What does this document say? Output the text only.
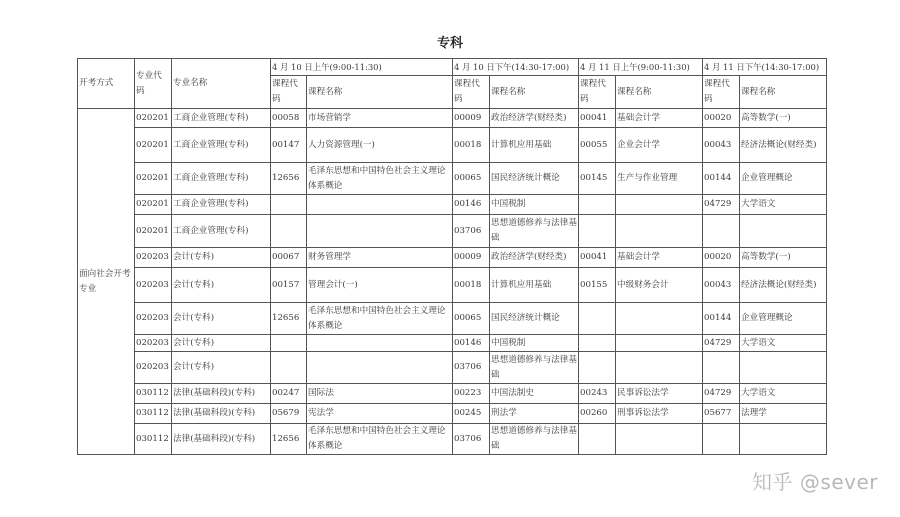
专科
开考方式	专业代码	专业名称	4 月 10 日上午(9:00-11:30)		4 月 10 日下午(14:30-17:00)		4 月 11 日上午(9:00-11:30)		4 月 11 日下午(14:30-17:00)	
			课程代码	课程名称	课程代码	课程名称	课程代码	课程名称	课程代码	课程名称
面向社会开考专业	020201	工商企业管理(专科)	00058	市场营销学	00009	政治经济学(财经类)	00041	基础会计学	00020	高等数学(一)
	020201	工商企业管理(专科)	00147	人力资源管理(一)	00018	计算机应用基础	00055	企业会计学	00043	经济法概论(财经类)
	020201	工商企业管理(专科)	12656	毛泽东思想和中国特色社会主义理论体系概论	00065	国民经济统计概论	00145	生产与作业管理	00144	企业管理概论
	020201	工商企业管理(专科)			00146	中国税制			04729	大学语文
	020201	工商企业管理(专科)			03706	思想道德修养与法律基础				
	020203	会计(专科)	00067	财务管理学	00009	政治经济学(财经类)	00041	基础会计学	00020	高等数学(一)
	020203	会计(专科)	00157	管理会计(一)	00018	计算机应用基础	00155	中级财务会计	00043	经济法概论(财经类)
	020203	会计(专科)	12656	毛泽东思想和中国特色社会主义理论体系概论	00065	国民经济统计概论			00144	企业管理概论
	020203	会计(专科)			00146	中国税制			04729	大学语文
	020203	会计(专科)			03706	思想道德修养与法律基础				
	030112	法律(基础科段)(专科)	00247	国际法	00223	中国法制史	00243	民事诉讼法学	04729	大学语文
	030112	法律(基础科段)(专科)	05679	宪法学	00245	刑法学	00260	刑事诉讼法学	05677	法理学
	030112	法律(基础科段)(专科)	12656	毛泽东思想和中国特色社会主义理论体系概论	03706	思想道德修养与法律基础				
知乎 @sever
